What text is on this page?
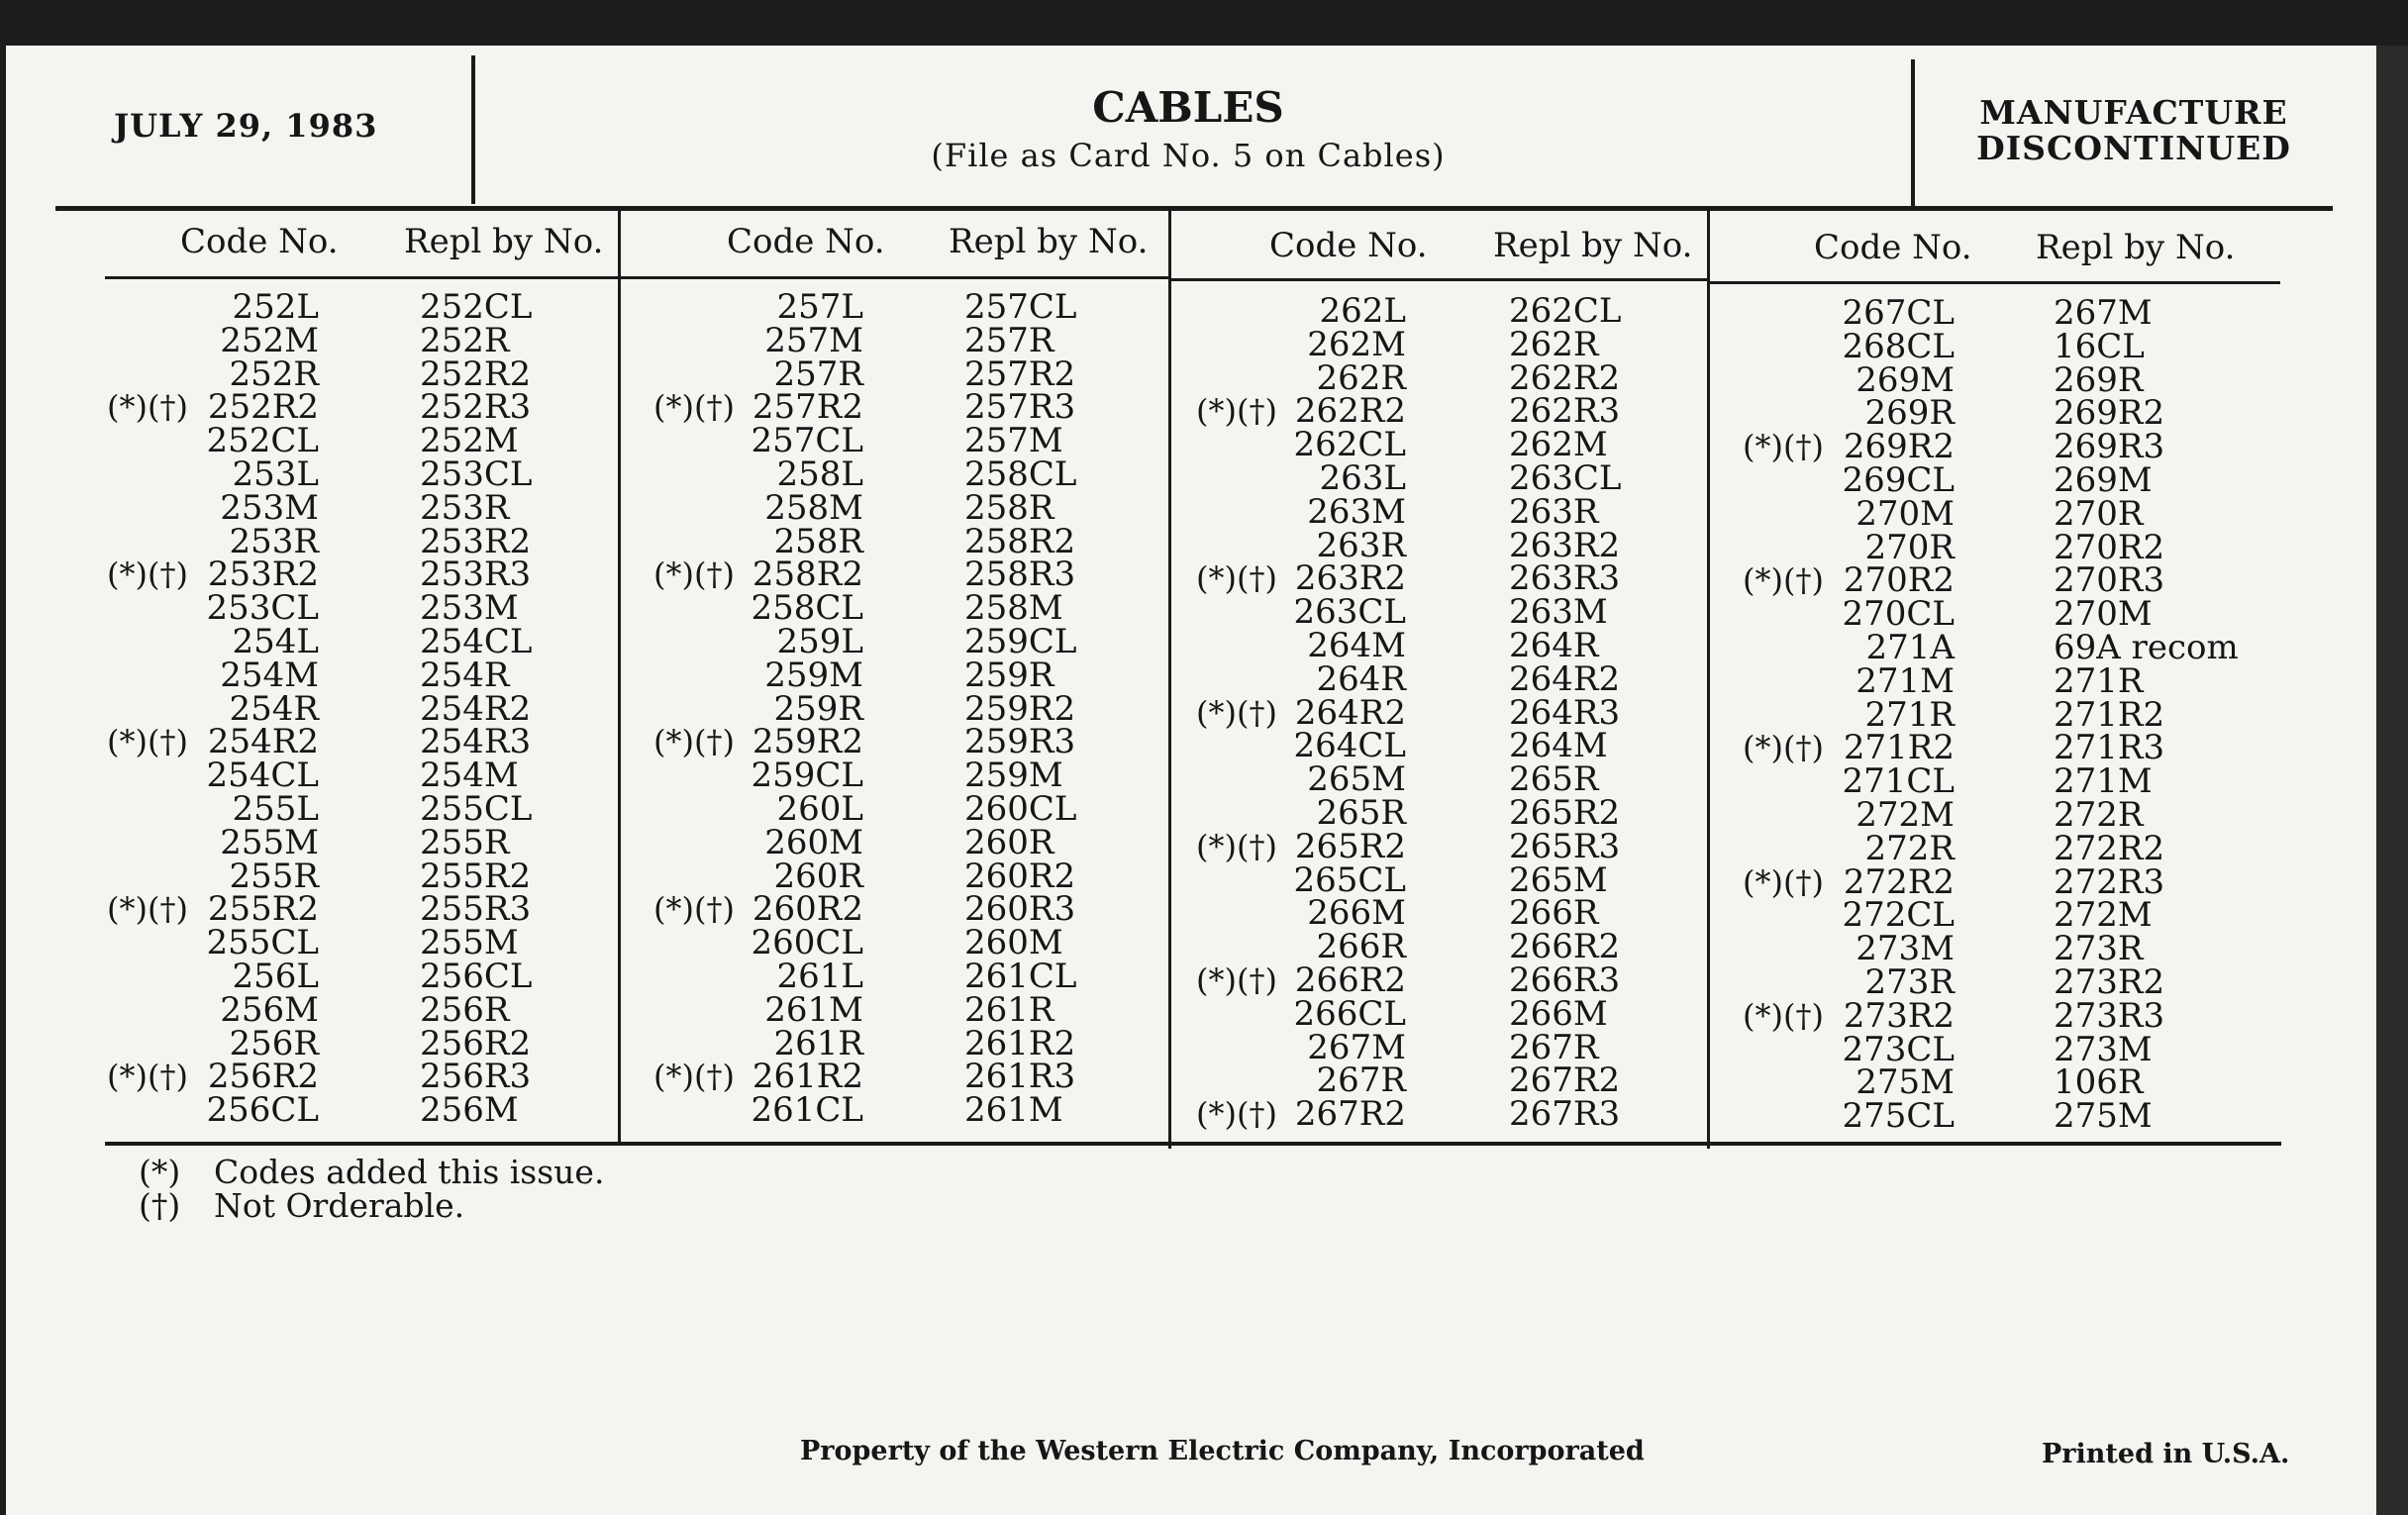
JULY 29, 1983	CABLES
(File as Card No. 5 on Cables)
MANUFACTURE
DISCONTINUED
Code No. Repl by No.
252L	252CL
252M	252R
252R	252R2
(*)(†) 252R2	252R3
252CL	252M
253L	253CL
253M	253R
253R	253R2
(*)(†) 253R2	253R3
253CL	253M
254L	254CL
254M	254R
254R	254R2
(*)(†) 254R2	254R3
254CL	254M
255L	255CL
255M	255R
255R	255R2
(*)(†) 255R2	255R3
255CL	255M
256L	256CL
256M	256R
256R	256R2
(*)(†) 256R2	256R3
256CL	256M
Code No. Repl by No.
257L	257CL
257M	257R
257R	257R2
(*)(†) 257R2	257R3
257CL	257M
258L	258CL
258M	258R
258R	258R2
(*)(†) 258R2	258R3
258CL	258M
259L	259CL
259M	259R
259R	259R2
(*)(†) 259R2	259R3
259CL	259M
260L	260CL
260M	260R
260R	260R2
(*)(†) 260R2	260R3
260CL	260M
261L	261CL
261M	261R
261R	261R2
(*)(†) 261R2	261R3
261CL	261M
Code No. Repl by No.
262L	262CL
262M	262R
262R	262R2
(*)(†) 262R2	262R3
262CL	262M
263L	263CL
263M	263R
263R	263R2
(*)(†) 263R2	263R3
263CL	263M
264M	264R
264R	264R2
(*)(†) 264R2	264R3
264CL	264M
265M	265R
265R	265R2
(*)(†) 265R2	265R3
265CL	265M
266M	266R
266R	266R2
(*)(†) 266R2	266R3
266CL	266M
267M	267R
267R	267R2
(*)(†) 267R2	267R3
Code No. Repl by No.
267CL	267M
268CL	16CL
269M	269R
269R	269R2
(*)(†) 269R2	269R3
269CL	269M
270M	270R
270R	270R2
(*)(†) 270R2	270R3
270CL	270M
271A	69A recom
271M	271R
271R	271R2
(*)(†) 271R2	271R3
271CL	271M
272M	272R
272R	272R2
(*)(†) 272R2	272R3
272CL	272M
273M	273R
273R	273R2
(*)(†) 273R2	273R3
273CL	273M
275M	106R
275CL	275M
(*) Codes added this issue.
(†) Not Orderable.
Property of the Western Electric Company, Incorporated	Printed in U.S.A.
